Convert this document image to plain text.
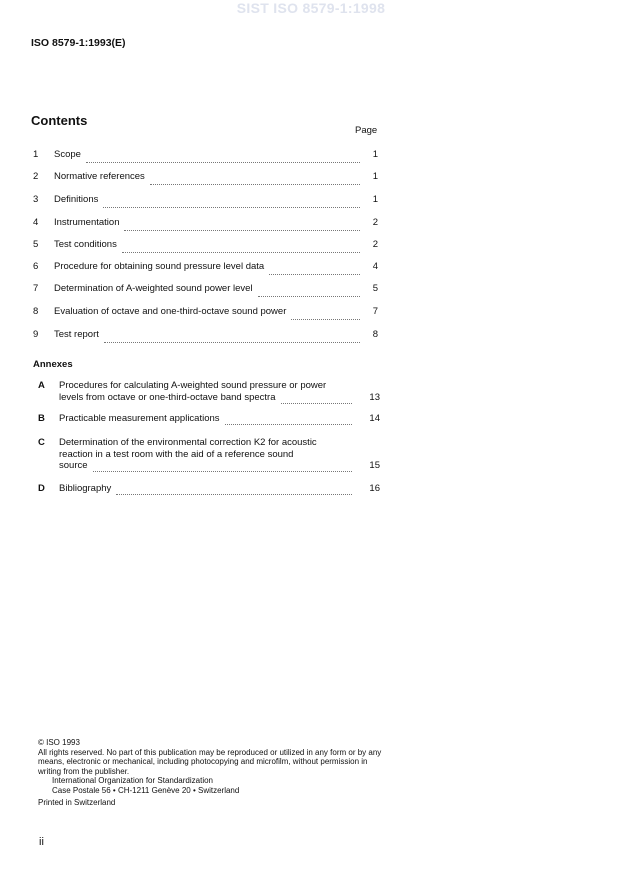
SIST ISO 8579-1:1998
ISO 8579-1:1993(E)
Contents
Page
1	Scope	1
2	Normative references	1
3	Definitions	1
4	Instrumentation	2
5	Test conditions	2
6	Procedure for obtaining sound pressure level data	4
7	Determination of A-weighted sound power level	5
8	Evaluation of octave and one-third-octave sound power	7
9	Test report	8
Annexes
A Procedures for calculating A-weighted sound pressure or power
levels from octave or one-third-octave band spectra	13
B Practicable measurement applications	14
C Determination of the environmental correction K2 for acoustic
reaction in a test room with the aid of a reference sound
source	15
D Bibliography	16
© ISO 1993
All rights reserved. No part of this publication may be reproduced or utilized in any form or by any means, electronic or mechanical, including photocopying and microfilm, without permission in writing from the publisher.
International Organization for Standardization
Case Postale 56 • CH-1211 Genève 20 • Switzerland
Printed in Switzerland
ii
